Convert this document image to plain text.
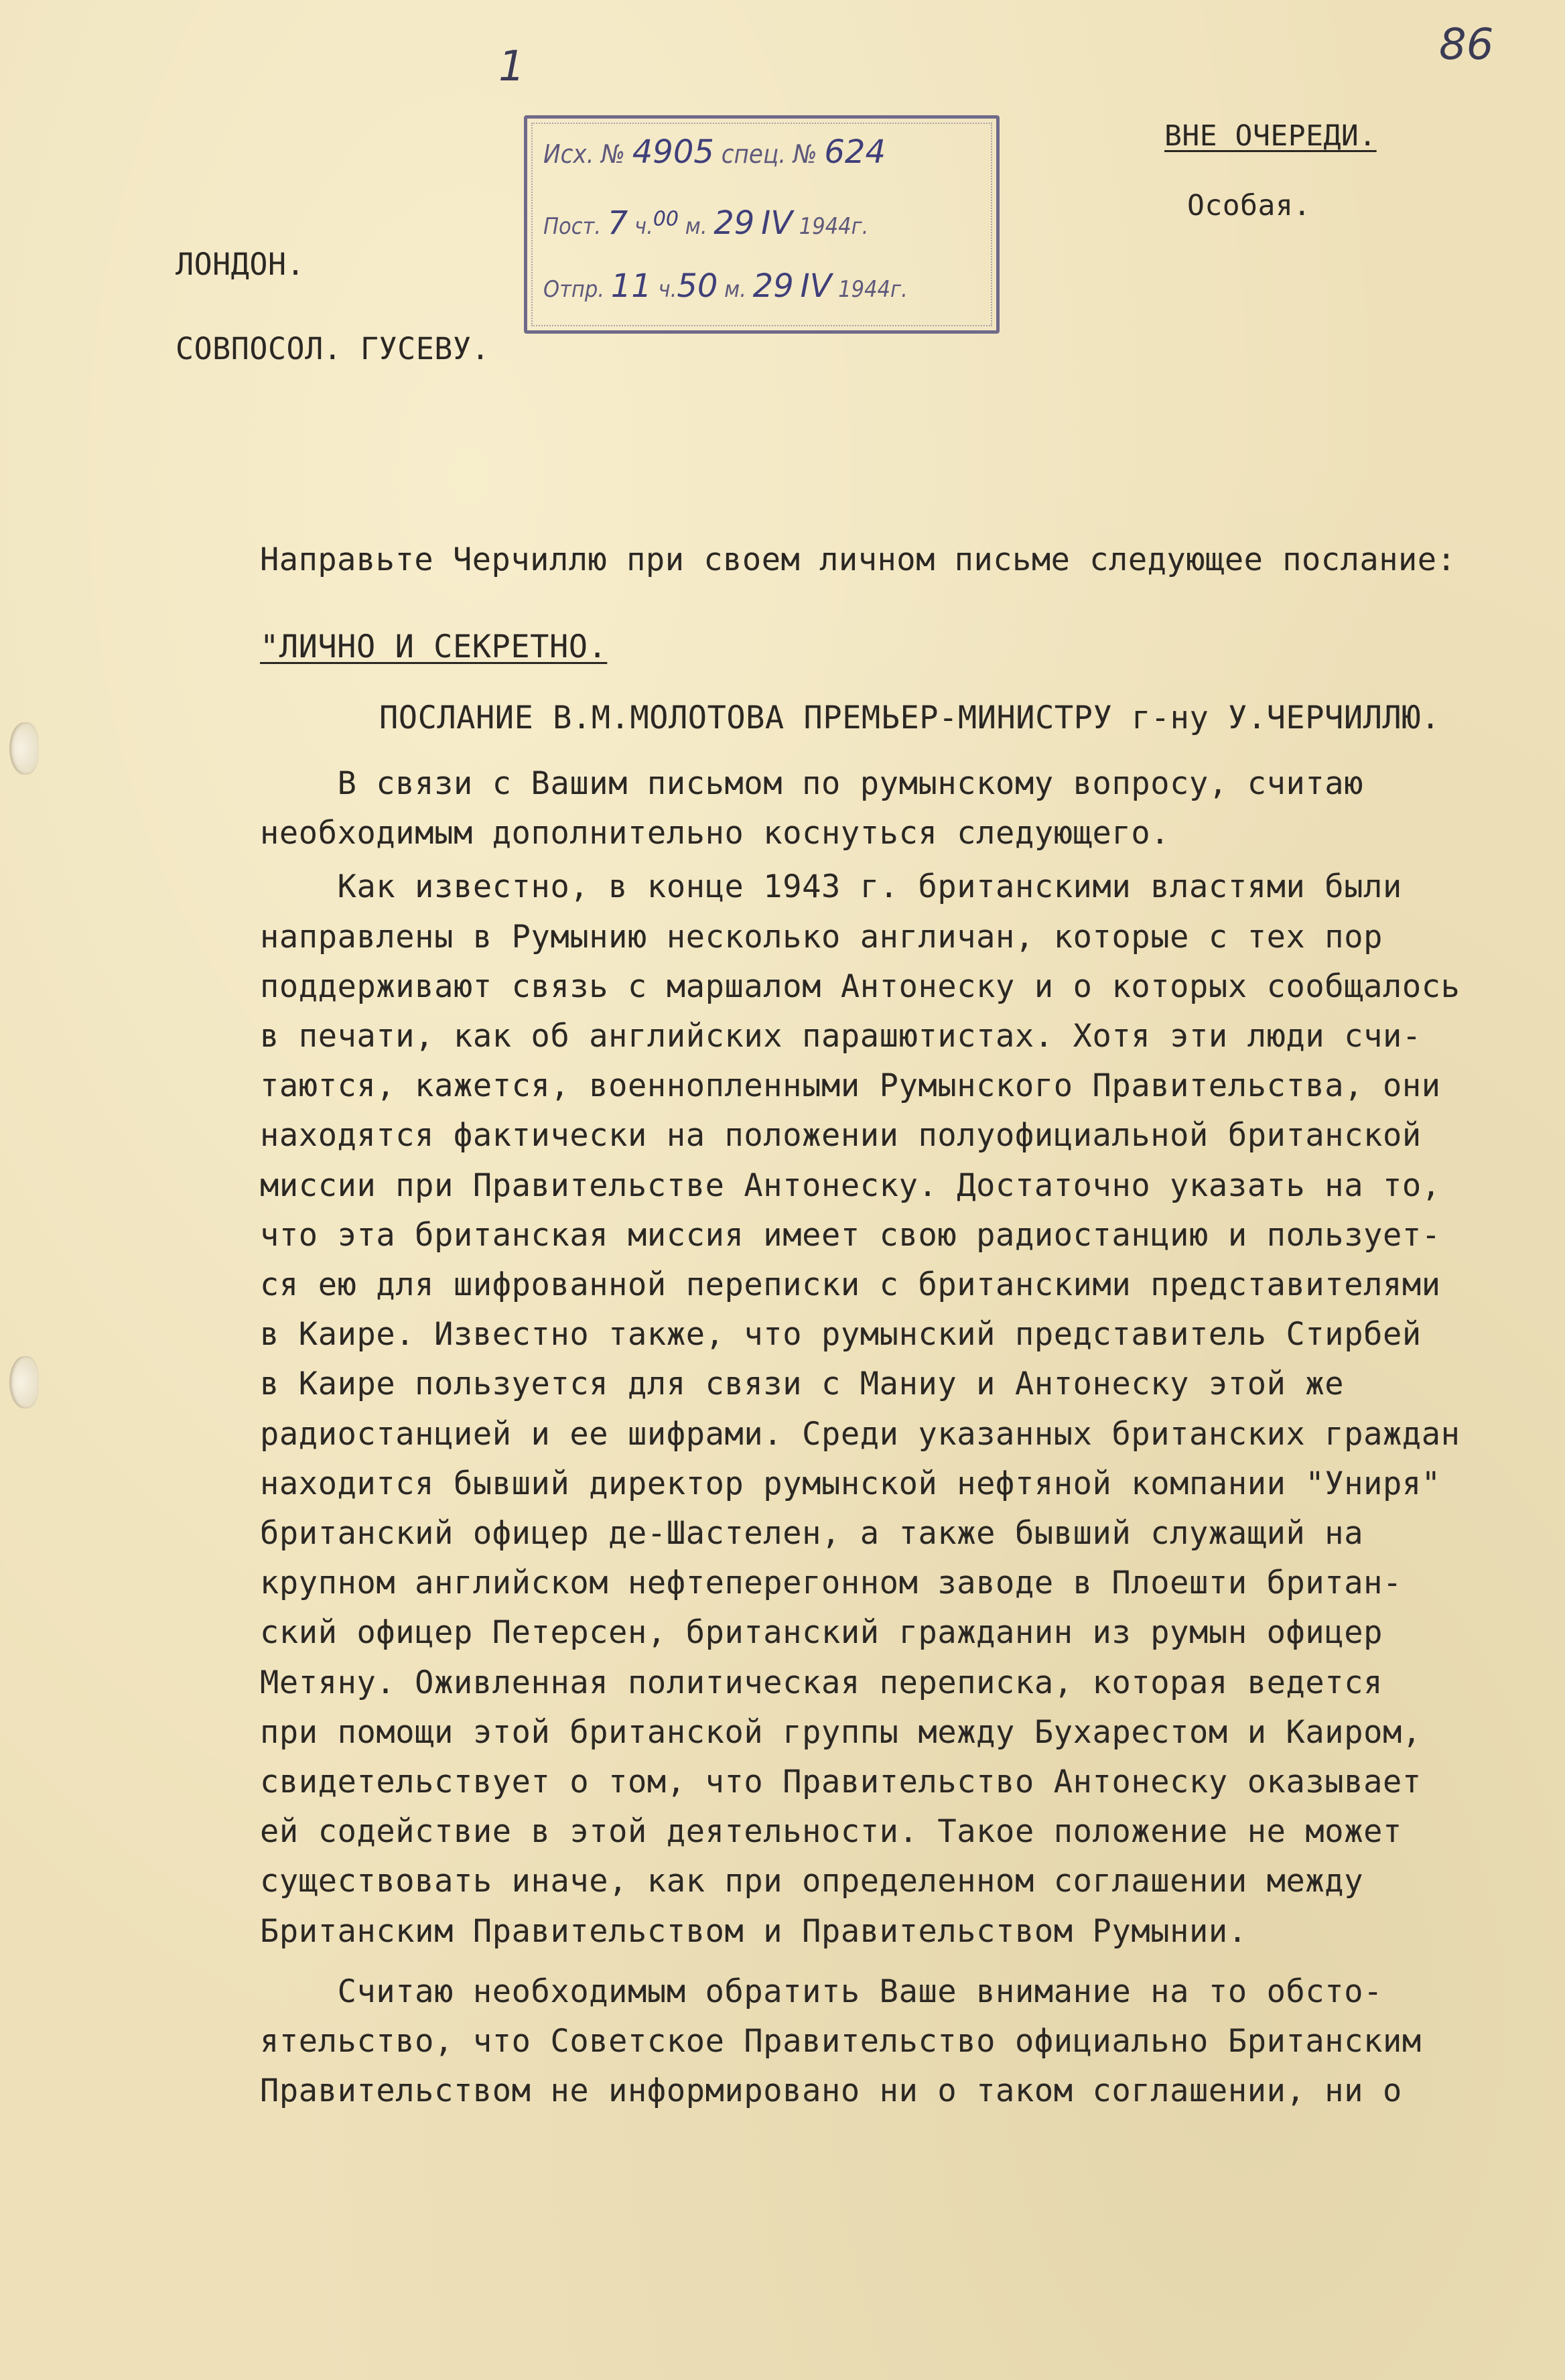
86
1
ВНЕ ОЧЕРЕДИ.
Особая.
ЛОНДОН.
СОВПОСОЛ. ГУСЕВУ.
Исх. № 4905 спец. № 624
Пост. 7 ч.$^{00}$ м. 29 IV 1944г.
Отпр. 11 ч.50 м. 29 IV 1944г.
Направьте Черчиллю при своем личном письме следующее послание:
"ЛИЧНО И СЕКРЕТНО.
ПОСЛАНИЕ В.М.МОЛОТОВА ПРЕМЬЕР-МИНИСТРУ г-ну У.ЧЕРЧИЛЛЮ.
В связи с Вашим письмом по румынскому вопросу, считаю
необходимым дополнительно коснуться следующего.
Как известно, в конце 1943 г. британскими властями были
направлены в Румынию несколько англичан, которые с тех пор
поддерживают связь с маршалом Антонеску и о которых сообщалось
в печати, как об английских парашютистах. Хотя эти люди счи-
таются, кажется, военнопленными Румынского Правительства, они
находятся фактически на положении полуофициальной британской
миссии при Правительстве Антонеску. Достаточно указать на то,
что эта британская миссия имеет свою радиостанцию и пользует-
ся ею для шифрованной переписки с британскими представителями
в Каире. Известно также, что румынский представитель Стирбей
в Каире пользуется для связи с Маниу и Антонеску этой же
радиостанцией и ее шифрами. Среди указанных британских граждан
находится бывший директор румынской нефтяной компании "Униря"
британский офицер де-Шастелен, а также бывший служащий на
крупном английском нефтеперегонном заводе в Плоешти британ-
ский офицер Петерсен, британский гражданин из румын офицер
Метяну. Оживленная политическая переписка, которая ведется
при помощи этой британской группы между Бухарестом и Каиром,
свидетельствует о том, что Правительство Антонеску оказывает
ей содействие в этой деятельности. Такое положение не может
существовать иначе, как при определенном соглашении между
Британским Правительством и Правительством Румынии.
Считаю необходимым обратить Ваше внимание на то обсто-
ятельство, что Советское Правительство официально Британским
Правительством не информировано ни о таком соглашении, ни о
